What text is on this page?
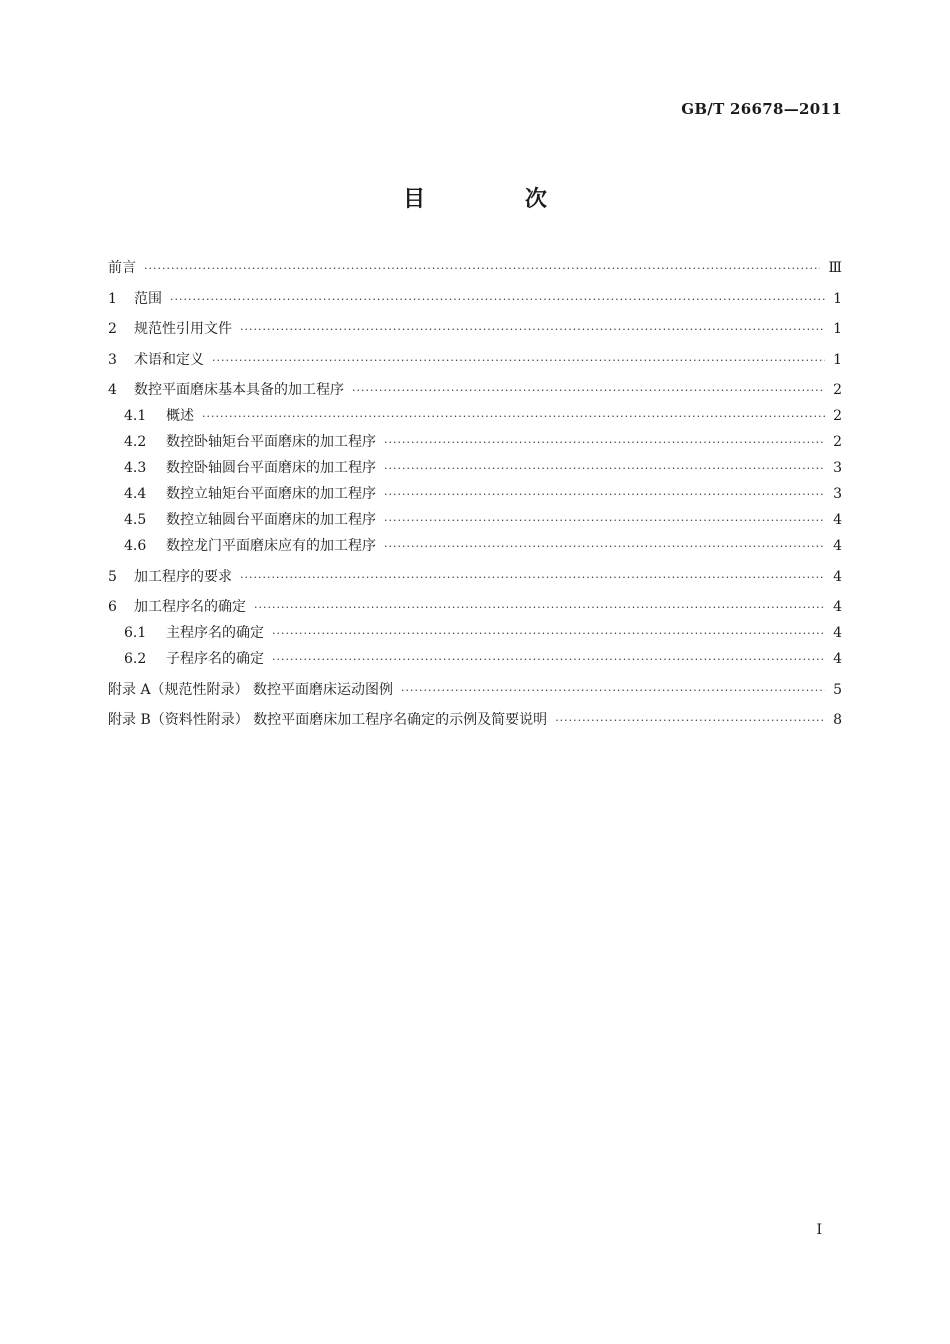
GB/T 26678—2011
目 次
前言 ·····	Ⅲ
1	范围 ·····	1
2	规范性引用文件 ·····	1
3	术语和定义 ·····	1
4	数控平面磨床基本具备的加工程序 ·····	2
4.1	概述 ·····	2
4.2	数控卧轴矩台平面磨床的加工程序 ·····	2
4.3	数控卧轴圆台平面磨床的加工程序 ·····	3
4.4	数控立轴矩台平面磨床的加工程序 ·····	3
4.5	数控立轴圆台平面磨床的加工程序 ·····	4
4.6	数控龙门平面磨床应有的加工程序 ·····	4
5	加工程序的要求 ·····	4
6	加工程序名的确定 ·····	4
6.1	主程序名的确定 ·····	4
6.2	子程序名的确定 ·····	4
附录 A（规范性附录） 数控平面磨床运动图例 ·····	5
附录 B（资料性附录） 数控平面磨床加工程序名确定的示例及简要说明 ·····	8
I
